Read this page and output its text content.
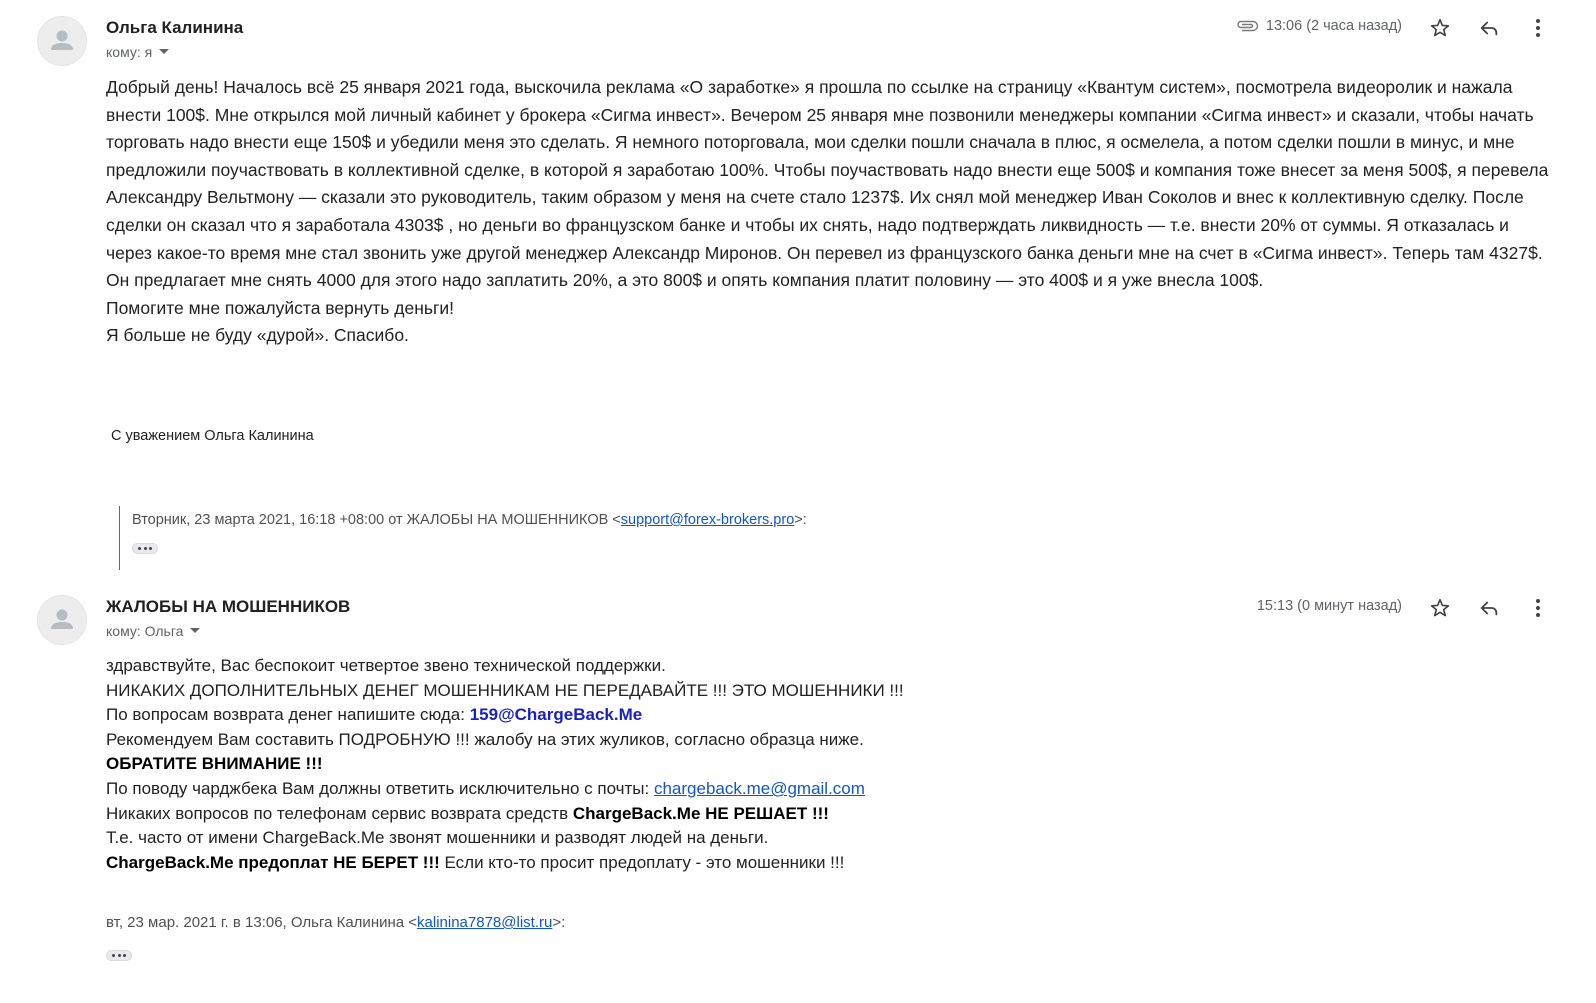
Ольга Калинина
кому: я
13:06 (2 часа назад)

Добрый день! Началось всё 25 января 2021 года, выскочила реклама «О заработке» я прошла по ссылке на страницу «Квантум систем», посмотрела видеоролик и нажала внести 100$. Мне открылся мой личный кабинет у брокера «Сигма инвест». Вечером 25 января мне позвонили менеджеры компании «Сигма инвест» и сказали, чтобы начать торговать надо внести еще 150$ и убедили меня это сделать. Я немного поторговала, мои сделки пошли сначала в плюс, я осмелела, а потом сделки пошли в минус, и мне предложили поучаствовать в коллективной сделке, в которой я заработаю 100%. Чтобы поучаствовать надо внести еще 500$ и компания тоже внесет за меня 500$, я перевела Александру Вельтмону — сказали это руководитель, таким образом у меня на счете стало 1237$. Их снял мой менеджер Иван Соколов и внес к коллективную сделку. После сделки он сказал что я заработала 4303$ , но деньги во французском банке и чтобы их снять, надо подтверждать ликвидность — т.е. внести 20% от суммы. Я отказалась и через какое-то время мне стал звонить уже другой менеджер Александр Миронов. Он перевел из французского банка деньги мне на счет в «Сигма инвест». Теперь там 4327$. Он предлагает мне снять 4000 для этого надо заплатить 20%, а это 800$ и опять компания платит половину — это 400$ и я уже внесла 100$.

Помогите мне пожалуйста вернуть деньги!

Я больше не буду «дурой». Спасибо.

С уважением Ольга Калинина
Вторник, 23 марта 2021, 16:18 +08:00 от ЖАЛОБЫ НА МОШЕННИКОВ <support@forex-brokers.pro>:
ЖАЛОБЫ НА МОШЕННИКОВ
кому: Ольга
15:13 (0 минут назад)
здравствуйте, Вас беспокоит четвертое звено технической поддержки.
НИКАКИХ ДОПОЛНИТЕЛЬНЫХ ДЕНЕГ МОШЕННИКАМ НЕ ПЕРЕДАВАЙТЕ !!! ЭТО МОШЕННИКИ !!!
По вопросам возврата денег напишите сюда: 159@ChargeBack.Me
Рекомендуем Вам составить ПОДРОБНУЮ !!! жалобу на этих жуликов, согласно образца ниже.
ОБРАТИТЕ ВНИМАНИЕ !!!
По поводу чарджбека Вам должны ответить исключительно с почты: chargeback.me@gmail.com
Никаких вопросов по телефонам сервис возврата средств ChargeBack.Me НЕ РЕШАЕТ !!!
Т.е. часто от имени ChargeBack.Me звонят мошенники и разводят людей на деньги.
ChargeBack.Me предоплат НЕ БЕРЕТ !!! Если кто-то просит предоплату - это мошенники !!!
вт, 23 мар. 2021 г. в 13:06, Ольга Калинина <kalinina7878@list.ru>:
